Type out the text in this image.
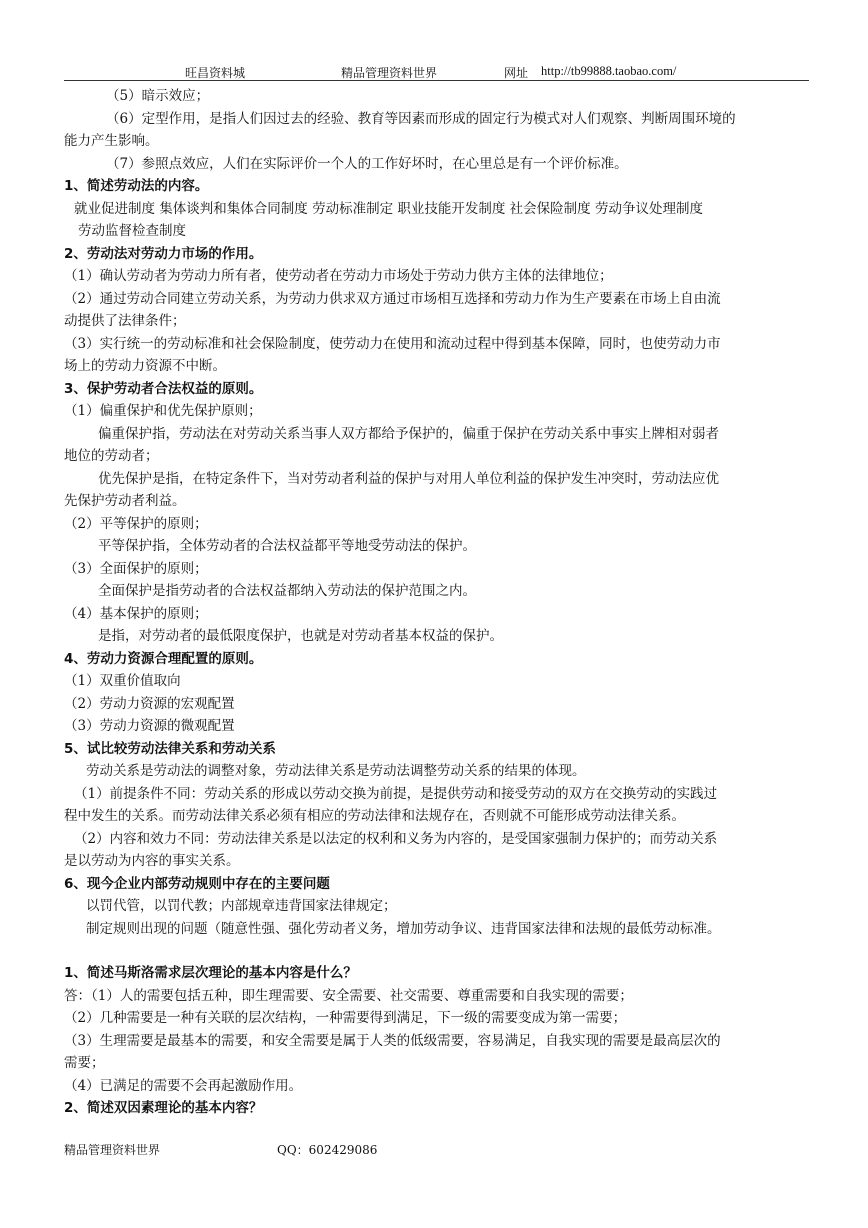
旺昌资料城	精品管理资料世界	网址 http://tb99888.taobao.com/
（5）暗示效应；
（6）定型作用，是指人们因过去的经验、教育等因素而形成的固定行为模式对人们观察、判断周围环境的
能力产生影响。
（7）参照点效应，人们在实际评价一个人的工作好坏时，在心里总是有一个评价标准。
1、简述劳动法的内容。
就业促进制度 集体谈判和集体合同制度 劳动标准制定 职业技能开发制度 社会保险制度 劳动争议处理制度
劳动监督检查制度
2、劳动法对劳动力市场的作用。
（1）确认劳动者为劳动力所有者，使劳动者在劳动力市场处于劳动力供方主体的法律地位；
（2）通过劳动合同建立劳动关系，为劳动力供求双方通过市场相互选择和劳动力作为生产要素在市场上自由流
动提供了法律条件；
（3）实行统一的劳动标准和社会保险制度，使劳动力在使用和流动过程中得到基本保障，同时，也使劳动力市
场上的劳动力资源不中断。
3、保护劳动者合法权益的原则。
（1）偏重保护和优先保护原则；
偏重保护指，劳动法在对劳动关系当事人双方都给予保护的，偏重于保护在劳动关系中事实上牌相对弱者
地位的劳动者；
优先保护是指，在特定条件下，当对劳动者利益的保护与对用人单位利益的保护发生冲突时，劳动法应优
先保护劳动者利益。
（2）平等保护的原则；
平等保护指，全体劳动者的合法权益都平等地受劳动法的保护。
（3）全面保护的原则；
全面保护是指劳动者的合法权益都纳入劳动法的保护范围之内。
（4）基本保护的原则；
是指，对劳动者的最低限度保护，也就是对劳动者基本权益的保护。
4、劳动力资源合理配置的原则。
（1）双重价值取向
（2）劳动力资源的宏观配置
（3）劳动力资源的微观配置
5、试比较劳动法律关系和劳动关系
劳动关系是劳动法的调整对象，劳动法律关系是劳动法调整劳动关系的结果的体现。
（1）前提条件不同：劳动关系的形成以劳动交换为前提，是提供劳动和接受劳动的双方在交换劳动的实践过
程中发生的关系。而劳动法律关系必须有相应的劳动法律和法规存在，否则就不可能形成劳动法律关系。
（2）内容和效力不同：劳动法律关系是以法定的权利和义务为内容的，是受国家强制力保护的；而劳动关系
是以劳动为内容的事实关系。
6、现今企业内部劳动规则中存在的主要问题
以罚代管，以罚代教；内部规章违背国家法律规定；
制定规则出现的问题（随意性强、强化劳动者义务，增加劳动争议、违背国家法律和法规的最低劳动标准。
1、简述马斯洛需求层次理论的基本内容是什么？
答：（1）人的需要包括五种，即生理需要、安全需要、社交需要、尊重需要和自我实现的需要；
（2）几种需要是一种有关联的层次结构，一种需要得到满足，下一级的需要变成为第一需要；
（3）生理需要是最基本的需要，和安全需要是属于人类的低级需要，容易满足，自我实现的需要是最高层次的
需要；
（4）已满足的需要不会再起激励作用。
2、简述双因素理论的基本内容？
精品管理资料世界	QQ：602429086
